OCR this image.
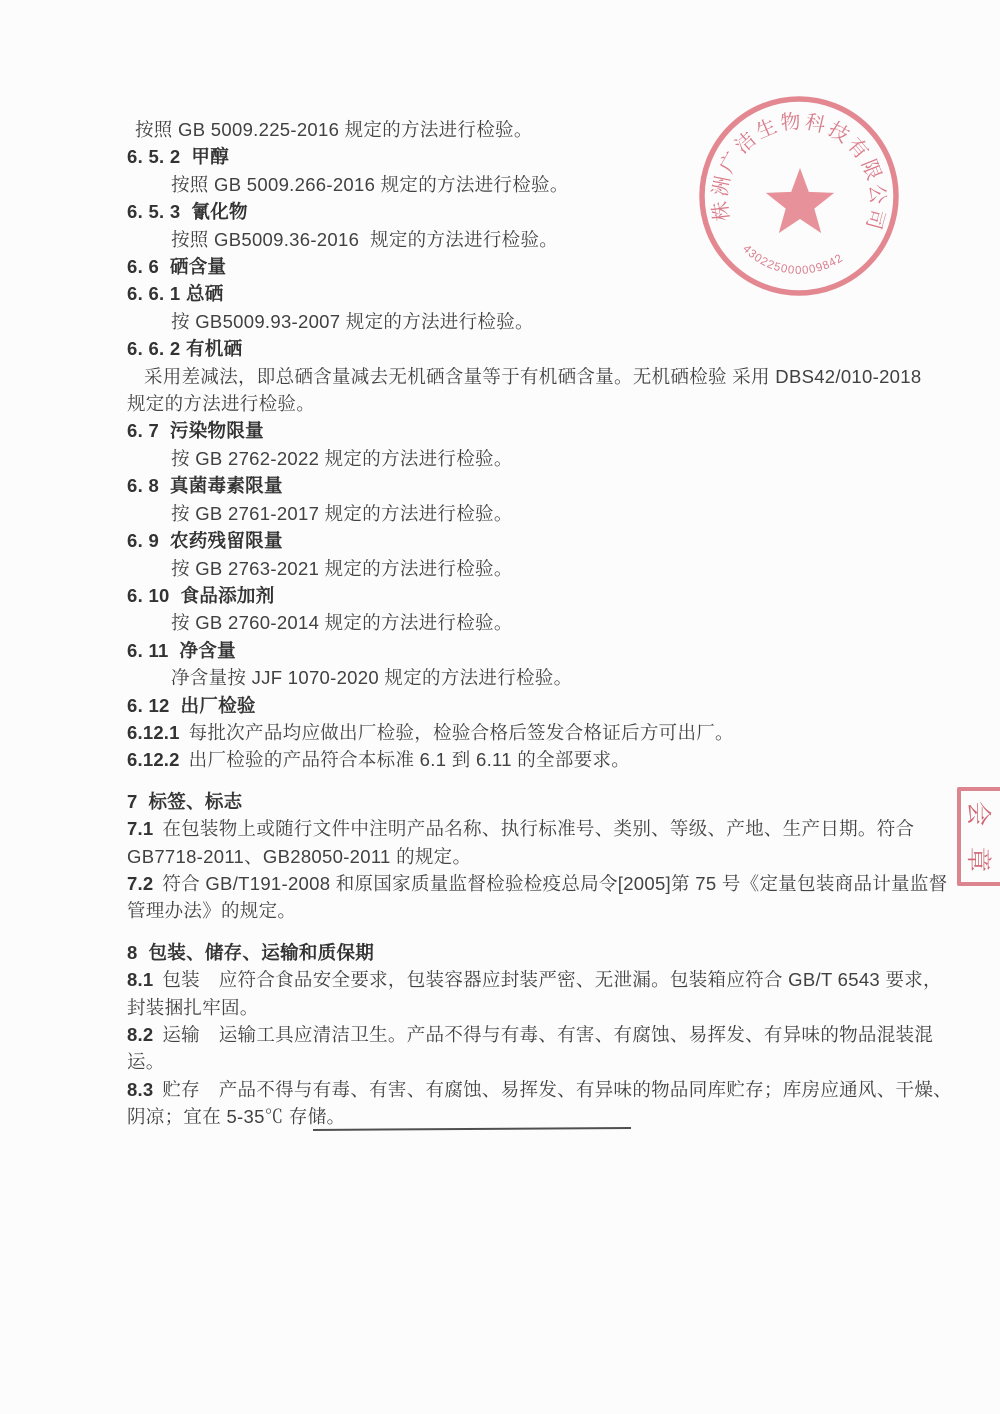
按照 GB 5009.225-2016 规定的方法进行检验。
6. 5. 2  甲醇
按照 GB 5009.266-2016 规定的方法进行检验。
6. 5. 3  氰化物
按照 GB5009.36-2016  规定的方法进行检验。
6. 6  硒含量
6. 6. 1 总硒
按 GB5009.93-2007 规定的方法进行检验。
6. 6. 2 有机硒
采用差减法，即总硒含量减去无机硒含量等于有机硒含量。无机硒检验 采用 DBS42/010-2018
规定的方法进行检验。
6. 7  污染物限量
按 GB 2762-2022 规定的方法进行检验。
6. 8  真菌毒素限量
按 GB 2761-2017 规定的方法进行检验。
6. 9  农药残留限量
按 GB 2763-2021 规定的方法进行检验。
6. 10  食品添加剂
按 GB 2760-2014 规定的方法进行检验。
6. 11  净含量
净含量按 JJF 1070-2020 规定的方法进行检验。
6. 12  出厂检验
6.12.1 每批次产品均应做出厂检验，检验合格后签发合格证后方可出厂。
6.12.2 出厂检验的产品符合本标准 6.1 到 6.11 的全部要求。
7  标签、标志
7.1 在包装物上或随行文件中注明产品名称、执行标准号、类别、等级、产地、生产日期。符合
GB7718-2011、GB28050-2011 的规定。
7.2 符合 GB/T191-2008 和原国家质量监督检验检疫总局令[2005]第 75 号《定量包装商品计量监督
管理办法》的规定。
8  包装、储存、运输和质保期
8.1 包装　应符合食品安全要求，包装容器应封装严密、无泄漏。包装箱应符合 GB/T 6543 要求，
封装捆扎牢固。
8.2 运输　运输工具应清洁卫生。产品不得与有毒、有害、有腐蚀、易挥发、有异味的物品混装混
运。
8.3 贮存　产品不得与有毒、有害、有腐蚀、易挥发、有异味的物品同库贮存；库房应通风、干燥、
阴凉；宜在 5-35℃ 存储。
株洲广洁生物科技有限公司
430225000009842
会
章
